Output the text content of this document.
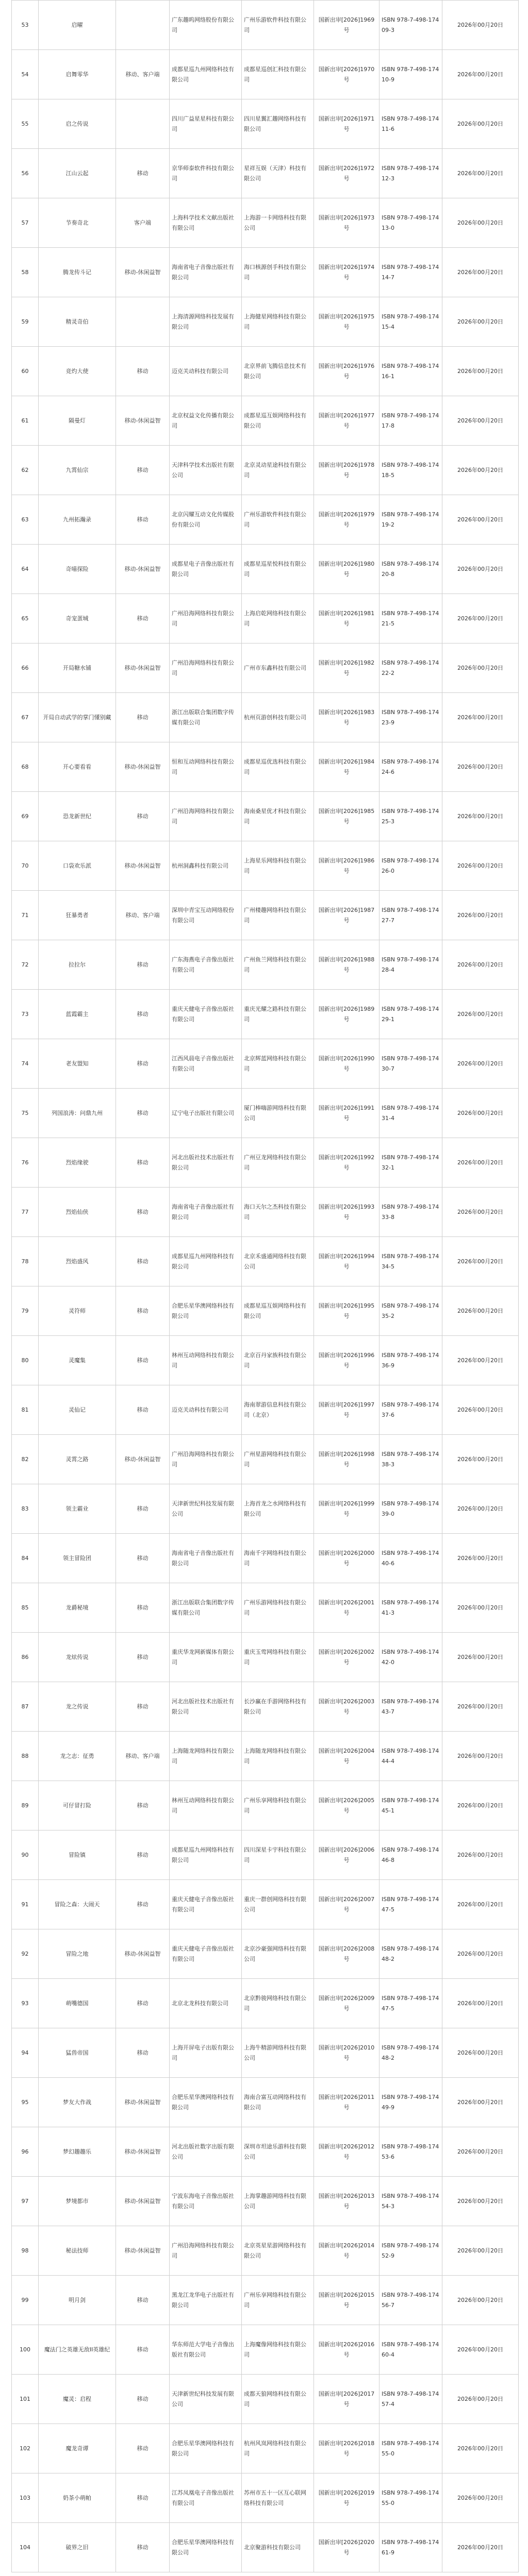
53	启曜		广东趣呜网络股份有限公司	广州乐游软件科技有限公司	国新出审[2026]1969号	ISBN 978-7-498-17409-3	2026年00月20日
54	启舞零华	移动、客户端	成都星巡九州网络科技有限公司	成都星巡创汇科技有限公司	国新出审[2026]1970号	ISBN 978-7-498-17410-9	2026年00月20日
55	启之传说		四川广益星星科技有限公司	四川星翼汇趣网络科技有限公司	国新出审[2026]1971号	ISBN 978-7-498-17411-6	2026年00月20日
56	江山云起	移动	京华师泰软件科技有限公司	星祥互娱（天津）科技有限公司	国新出审[2026]1972号	ISBN 978-7-498-17412-3	2026年00月20日
57	节奏奇北	客户端	上海科学技术文献出版社有限公司	上海游一卡网络科技有限公司	国新出审[2026]1973号	ISBN 978-7-498-17413-0	2026年00月20日
58	腾龙传斗记	移动-休闲益智	海南省电子音像出版社有限公司	海口核源创手科技有限公司	国新出审[2026]1974号	ISBN 978-7-498-17414-7	2026年00月20日
59	精灵奇伯		上海清源网络科技发展有限公司	上海健星网络科技有限公司	国新出审[2026]1975号	ISBN 978-7-498-17415-4	2026年00月20日
60	竞灼大使	移动	迈克关动科技有限公司	北京界前飞腾信息技术有限公司	国新出审[2026]1976号	ISBN 978-7-498-17416-1	2026年00月20日
61	隔曼灯	移动-休闲益智	北京权益文化传播有限公司	成都星巡互娱网络科技有限公司	国新出审[2026]1977号	ISBN 978-7-498-17417-8	2026年00月20日
62	九霄仙宗	移动	天津科学技术出版社有限公司	北京灵动星途科技有限公司	国新出审[2026]1978号	ISBN 978-7-498-17418-5	2026年00月20日
63	九州拓瀚录	移动	北京闪耀互动文化传媒股份有限公司	广州乐游软件科技有限公司	国新出审[2026]1979号	ISBN 978-7-498-17419-2	2026年00月20日
64	奇喵探险	移动-休闲益智	成都星电子音像出版社有限公司	成都星巡星悦科技有限公司	国新出审[2026]1980号	ISBN 978-7-498-17420-8	2026年00月20日
65	奇宠蛋城	移动	广州沿海网络科技有限公司	上海启乾网络科技有限公司	国新出审[2026]1981号	ISBN 978-7-498-17421-5	2026年00月20日
66	开局糖水铺	移动-休闲益智	广州沿海网络科技有限公司	广州市东鑫科技有限公司	国新出审[2026]1982号	ISBN 978-7-498-17422-2	2026年00月20日
67	开局自动武学的掌门懂别藏	移动	浙江出版联合集团数字传媒有限公司	杭州页游创科技有限公司	国新出审[2026]1983号	ISBN 978-7-498-17423-9	2026年00月20日
68	开心要看看	移动-休闲益智	恒和互动网络科技有限公司	成都星巡优选科技有限公司	国新出审[2026]1984号	ISBN 978-7-498-17424-6	2026年00月20日
69	恐龙新世纪	移动	广州沿海网络科技有限公司	海南桑星优才科技有限公司	国新出审[2026]1985号	ISBN 978-7-498-17425-3	2026年00月20日
70	口袋欢乐派	移动-休闲益智	杭州洞鑫科技有限公司	上海星乐网络科技有限公司	国新出审[2026]1986号	ISBN 978-7-498-17426-0	2026年00月20日
71	狂暴勇者	移动、客户端	深圳中青宝互动网络股份有限公司	广州楼趣网络科技有限公司	国新出审[2026]1987号	ISBN 978-7-498-17427-7	2026年00月20日
72	拉拉尔	移动	广东海燕电子音像出版社有限公司	广州鱼兰网络科技有限公司	国新出审[2026]1988号	ISBN 978-7-498-17428-4	2026年00月20日
73	蓝霞霸主	移动	重庆天健电子音像出版社有限公司	重庆光耀之路科技有限公司	国新出审[2026]1989号	ISBN 978-7-498-17429-1	2026年00月20日
74	老友盟知	移动	江西风晨电子音像出版社有限公司	北京辉蓝网络科技有限公司	国新出审[2026]1990号	ISBN 978-7-498-17430-7	2026年00月20日
75	列国浪涛：问鼎九州	移动	辽宁电子出版社有限公司	厦门棒嗨游网络科技有限公司	国新出审[2026]1991号	ISBN 978-7-498-17431-4	2026年00月20日
76	烈焰缘驶	移动	河北出版社技术出版社有限公司	广州豆龙网络科技有限公司	国新出审[2026]1992号	ISBN 978-7-498-17432-1	2026年00月20日
77	烈焰仙侠	移动	海南省电子音像出版社有限公司	海口天尔之杰科技有限公司	国新出审[2026]1993号	ISBN 978-7-498-17433-8	2026年00月20日
78	烈焰盛风	移动	成都星巡九州网络科技有限公司	北京禾盛通网络科技有限公司	国新出审[2026]1994号	ISBN 978-7-498-17434-5	2026年00月20日
79	灵符师	移动	合肥乐星华澳网络科技有限公司	成都星巡互娱网络科技有限公司	国新出审[2026]1995号	ISBN 978-7-498-17435-2	2026年00月20日
80	灵魔集	移动	林州互动网络科技有限公司	北京百丹家族科技有限公司	国新出审[2026]1996号	ISBN 978-7-498-17436-9	2026年00月20日
81	灵仙记	移动	迈克关动科技有限公司	海南翠游信息科技有限公司（北京）	国新出审[2026]1997号	ISBN 978-7-498-17437-6	2026年00月20日
82	灵霄之路	移动-休闲益智	广州沿海网络科技有限公司	广州星游网络科技有限公司	国新出审[2026]1998号	ISBN 978-7-498-17438-3	2026年00月20日
83	领主霸业	移动	天津新世纪科技发展有限公司	上海首龙之水网络科技有限公司	国新出审[2026]1999号	ISBN 978-7-498-17439-0	2026年00月20日
84	领主冒险团	移动	海南省电子音像出版社有限公司	海南千字网络科技有限公司	国新出审[2026]2000号	ISBN 978-7-498-17440-6	2026年00月20日
85	龙爵秘境	移动	浙江出版联合集团数字传媒有限公司	广州乐游网络科技有限公司	国新出审[2026]2001号	ISBN 978-7-498-17441-3	2026年00月20日
86	龙炫传说	移动	重庆华龙网新媒体有限公司	重庆玉莺网络科技有限公司	国新出审[2026]2002号	ISBN 978-7-498-17442-0	2026年00月20日
87	龙之传说	移动	河北出版社技术出版社有限公司	长沙赢在手游网络科技有限公司	国新出审[2026]2003号	ISBN 978-7-498-17443-7	2026年00月20日
88	龙之志：征勇	移动、客户端	上海随龙网络科技有限公司	上海随龙网络科技有限公司	国新出审[2026]2004号	ISBN 978-7-498-17444-4	2026年00月20日
89	可仔冒打险	移动	林州互动网络科技有限公司	广州乐享网络科技有限公司	国新出审[2026]2005号	ISBN 978-7-498-17445-1	2026年00月20日
90	冒险镇	移动	成都星巡九州网络科技有限公司	四川深星卡宇科技有限公司	国新出审[2026]2006号	ISBN 978-7-498-17446-8	2026年00月20日
91	冒险之森：大闹天	移动	重庆天健电子音像出版社有限公司	重庆一群创网络科技有限公司	国新出审[2026]2007号	ISBN 978-7-498-17447-5	2026年00月20日
92	冒险之地	移动-休闲益智	重庆天健电子音像出版社有限公司	北京沙豪强网络科技有限公司	国新出审[2026]2008号	ISBN 978-7-498-17448-2	2026年00月20日
93	萌嘴德国	移动	北京北龙科技有限公司	北京黔骏网络科技有限公司	国新出审[2026]2009号	ISBN 978-7-498-17447-5	2026年00月20日
94	猛兽帝国	移动	上海开屏电子出版有限公司	上海牛精游网络科技有限公司	国新出审[2026]2010号	ISBN 978-7-498-17448-2	2026年00月20日
95	梦友大作战	移动-休闲益智	合肥乐星华澳网络科技有限公司	海南合富互动网络科技有限公司	国新出审[2026]2011号	ISBN 978-7-498-17449-9	2026年00月20日
96	梦幻趣趣乐	移动-休闲益智	河北出版社数字出版有限公司	深圳市坦途乐游科技有限公司	国新出审[2026]2012号	ISBN 978-7-498-17453-6	2026年00月20日
97	梦境都市	移动-休闲益智	宁波东海电子音像出版社有限公司	上海掌趣游网络科技有限公司	国新出审[2026]2013号	ISBN 978-7-498-17454-3	2026年00月20日
98	秘法技师	移动-休闲益智	广州沿海网络科技有限公司	北京英星星游网络科技有限公司	国新出审[2026]2014号	ISBN 978-7-498-17452-9	2026年00月20日
99	明月剑	移动	黑龙江龙华电子出版社有限公司	广州乐享网络科技有限公司	国新出审[2026]2015号	ISBN 978-7-498-17456-7	2026年00月20日
100	魔法门之英雄无敌II英雄纪	移动	华东师范大学电子音像出版社有限公司	上海魔像网络科技有限公司	国新出审[2026]2016号	ISBN 978-7-498-17460-4	2026年00月20日
101	魔灵：启程	移动	天津新世纪科技发展有限公司	成都天狼网络科技有限公司	国新出审[2026]2017号	ISBN 978-7-498-17457-4	2026年00月20日
102	魔龙奇谭	移动	合肥乐星华澳网络科技有限公司	杭州风岚网络科技有限公司	国新出审[2026]2018号	ISBN 978-7-498-17455-0	2026年00月20日
103	奶茶小萌帕	移动	江苏凤凰电子音像出版社有限公司	苏州市五十一区互心联网络科技有限公司	国新出审[2026]2019号	ISBN 978-7-498-17455-0	2026年00月20日
104	破界之旧	移动	合肥乐星华澳网络科技有限公司	北京聚游科技有限公司	国新出审[2026]2020号	ISBN 978-7-498-17461-9	2026年00月20日
